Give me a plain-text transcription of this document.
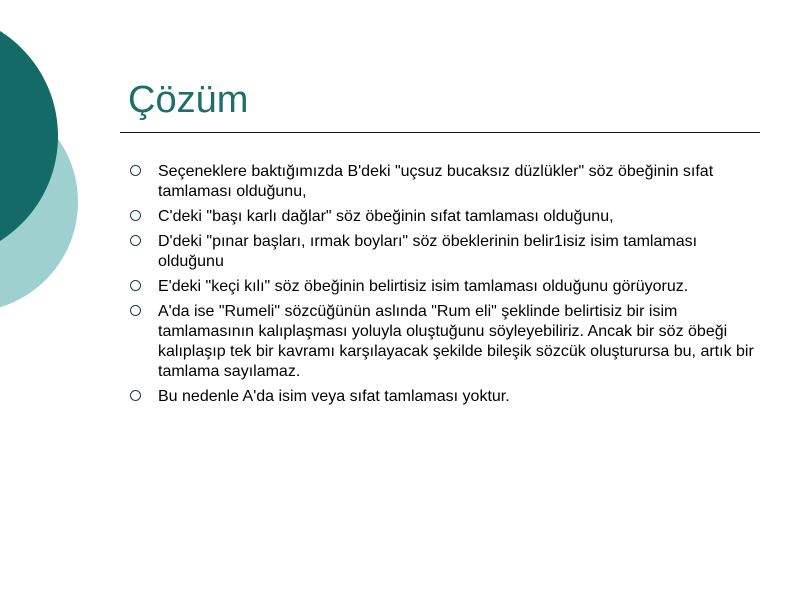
Çözüm
Seçeneklere baktığımızda B'deki "uçsuz bucaksız düzlükler" söz öbeğinin sıfat tamlaması olduğunu,
C'deki "başı karlı dağlar" söz öbeğinin sıfat tamlaması olduğunu,
D'deki "pınar başları, ırmak boyları" söz öbeklerinin belir1isiz isim tamlaması olduğunu
E'deki "keçi kılı" söz öbeğinin belirtisiz isim tamlaması olduğunu görüyoruz.
A'da ise "Rumeli" sözcüğünün aslında "Rum eli" şeklinde belirtisiz bir isim tamlamasının kalıplaşması yoluyla oluştuğunu söyleyebiliriz. Ancak bir söz öbeği kalıplaşıp tek bir kavramı karşılayacak şekilde bileşik sözcük oluşturursa bu, artık bir tamlama sayılamaz.
Bu nedenle A'da isim veya sıfat tamlaması yoktur.
